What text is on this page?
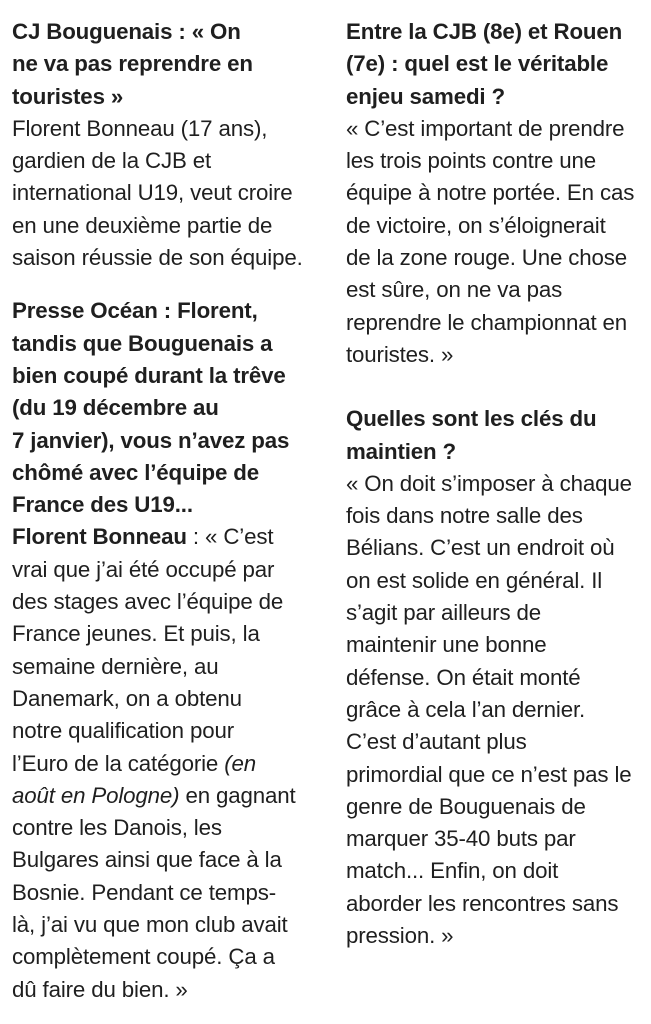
CJ Bouguenais : « On
ne va pas reprendre en
touristes »
Florent Bonneau (17 ans),
gardien de la CJB et
international U19, veut croire
en une deuxième partie de
saison réussie de son équipe.
Presse Océan : Florent,
tandis que Bouguenais a
bien coupé durant la trêve
(du 19 décembre au
7 janvier), vous n’avez pas
chômé avec l’équipe de
France des U19...
Florent Bonneau : « C’est
vrai que j’ai été occupé par
des stages avec l’équipe de
France jeunes. Et puis, la
semaine dernière, au
Danemark, on a obtenu
notre qualification pour
l’Euro de la catégorie (en
août en Pologne) en gagnant
contre les Danois, les
Bulgares ainsi que face à la
Bosnie. Pendant ce temps-
là, j’ai vu que mon club avait
complètement coupé. Ça a
dû faire du bien. »
Entre la CJB (8e) et Rouen
(7e) : quel est le véritable
enjeu samedi ?
« C’est important de prendre
les trois points contre une
équipe à notre portée. En cas
de victoire, on s’éloignerait
de la zone rouge. Une chose
est sûre, on ne va pas
reprendre le championnat en
touristes. »
Quelles sont les clés du
maintien ?
« On doit s’imposer à chaque
fois dans notre salle des
Bélians. C’est un endroit où
on est solide en général. Il
s’agit par ailleurs de
maintenir une bonne
défense. On était monté
grâce à cela l’an dernier.
C’est d’autant plus
primordial que ce n’est pas le
genre de Bouguenais de
marquer 35-40 buts par
match... Enfin, on doit
aborder les rencontres sans
pression. »
